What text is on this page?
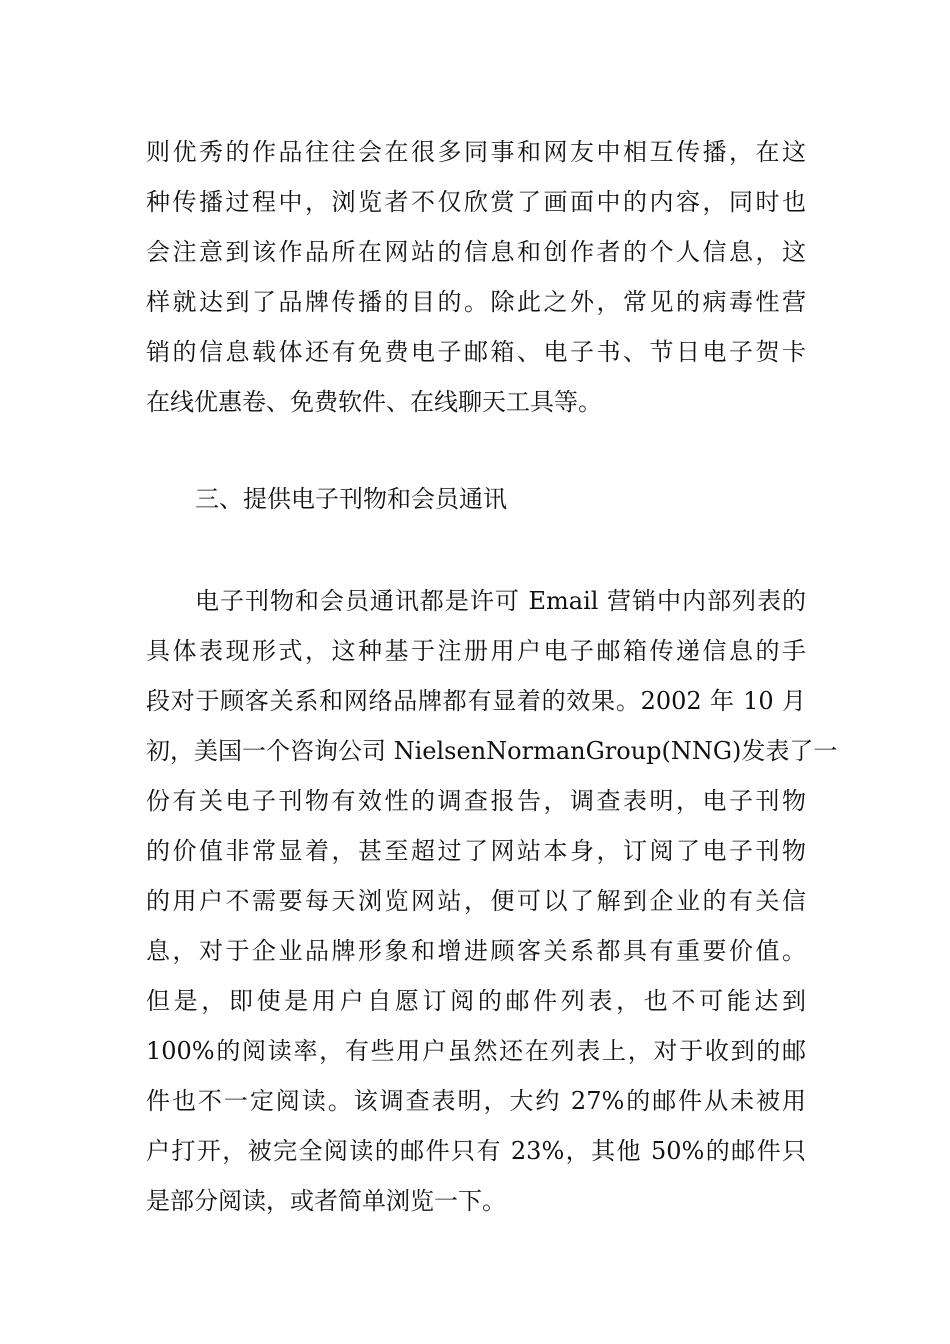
则优秀的作品往往会在很多同事和网友中相互传播，在这
种传播过程中，浏览者不仅欣赏了画面中的内容，同时也
会注意到该作品所在网站的信息和创作者的个人信息，这
样就达到了品牌传播的目的。除此之外，常见的病毒性营
销的信息载体还有免费电子邮箱、电子书、节日电子贺卡
在线优惠卷、免费软件、在线聊天工具等。

三、提供电子刊物和会员通讯

电子刊物和会员通讯都是许可 Email 营销中内部列表的
具体表现形式，这种基于注册用户电子邮箱传递信息的手
段对于顾客关系和网络品牌都有显着的效果。2002 年 10 月
初，美国一个咨询公司 NielsenNormanGroup(NNG)发表了一
份有关电子刊物有效性的调查报告，调查表明，电子刊物
的价值非常显着，甚至超过了网站本身，订阅了电子刊物
的用户不需要每天浏览网站，便可以了解到企业的有关信
息，对于企业品牌形象和增进顾客关系都具有重要价值。
但是，即使是用户自愿订阅的邮件列表，也不可能达到
100%的阅读率，有些用户虽然还在列表上，对于收到的邮
件也不一定阅读。该调查表明，大约 27%的邮件从未被用
户打开，被完全阅读的邮件只有 23%，其他 50%的邮件只
是部分阅读，或者简单浏览一下。
